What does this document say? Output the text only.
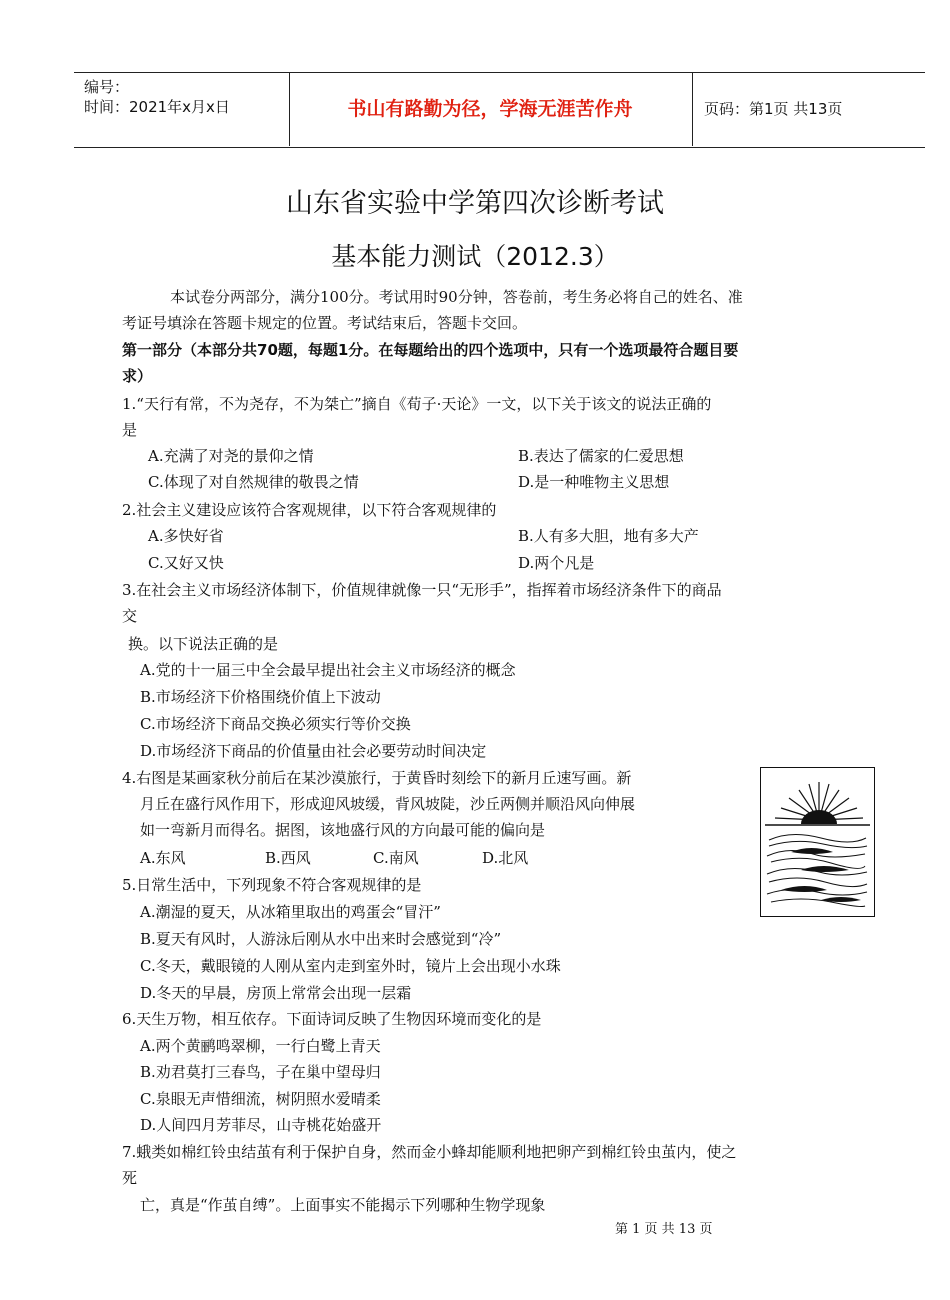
编号：
时间：2021年x月x日	书山有路勤为径，学海无涯苦作舟	页码：第1页 共13页
山东省实验中学第四次诊断考试
基本能力测试（2012.3）
本试卷分两部分，满分100分。考试用时90分钟，答卷前，考生务必将自己的姓名、准
考证号填涂在答题卡规定的位置。考试结束后，答题卡交回。
第一部分（本部分共70题，每题1分。在每题给出的四个选项中，只有一个选项最符合题目要
求）
1.“天行有常，不为尧存，不为桀亡”摘自《荀子·天论》一文，以下关于该文的说法正确的
是
A.充满了对尧的景仰之情	B.表达了儒家的仁爱思想
C.体现了对自然规律的敬畏之情	D.是一种唯物主义思想
2.社会主义建设应该符合客观规律，以下符合客观规律的
A.多快好省	B.人有多大胆，地有多大产
C.又好又快	D.两个凡是
3.在社会主义市场经济体制下，价值规律就像一只“无形手”，指挥着市场经济条件下的商品
交
换。以下说法正确的是
A.党的十一届三中全会最早提出社会主义市场经济的概念
B.市场经济下价格围绕价值上下波动
C.市场经济下商品交换必须实行等价交换
D.市场经济下商品的价值量由社会必要劳动时间决定
4.右图是某画家秋分前后在某沙漠旅行，于黄昏时刻绘下的新月丘速写画。新
月丘在盛行风作用下，形成迎风坡缓，背风坡陡，沙丘两侧并顺沿风向伸展
如一弯新月而得名。据图，该地盛行风的方向最可能的偏向是
A.东风	B.西风	C.南风	D.北风
5.日常生活中，下列现象不符合客观规律的是
A.潮湿的夏天，从冰箱里取出的鸡蛋会“冒汗”
B.夏天有风时，人游泳后刚从水中出来时会感觉到“冷”
C.冬天，戴眼镜的人刚从室内走到室外时，镜片上会出现小水珠
D.冬天的早晨，房顶上常常会出现一层霜
6.天生万物，相互依存。下面诗词反映了生物因环境而变化的是
A.两个黄鹂鸣翠柳，一行白鹭上青天
B.劝君莫打三春鸟，子在巢中望母归
C.泉眼无声惜细流，树阴照水爱晴柔
D.人间四月芳菲尽，山寺桃花始盛开
7.蛾类如棉红铃虫结茧有利于保护自身，然而金小蜂却能顺利地把卵产到棉红铃虫茧内，使之
死
亡，真是“作茧自缚”。上面事实不能揭示下列哪种生物学现象
第 1 页 共 13 页
